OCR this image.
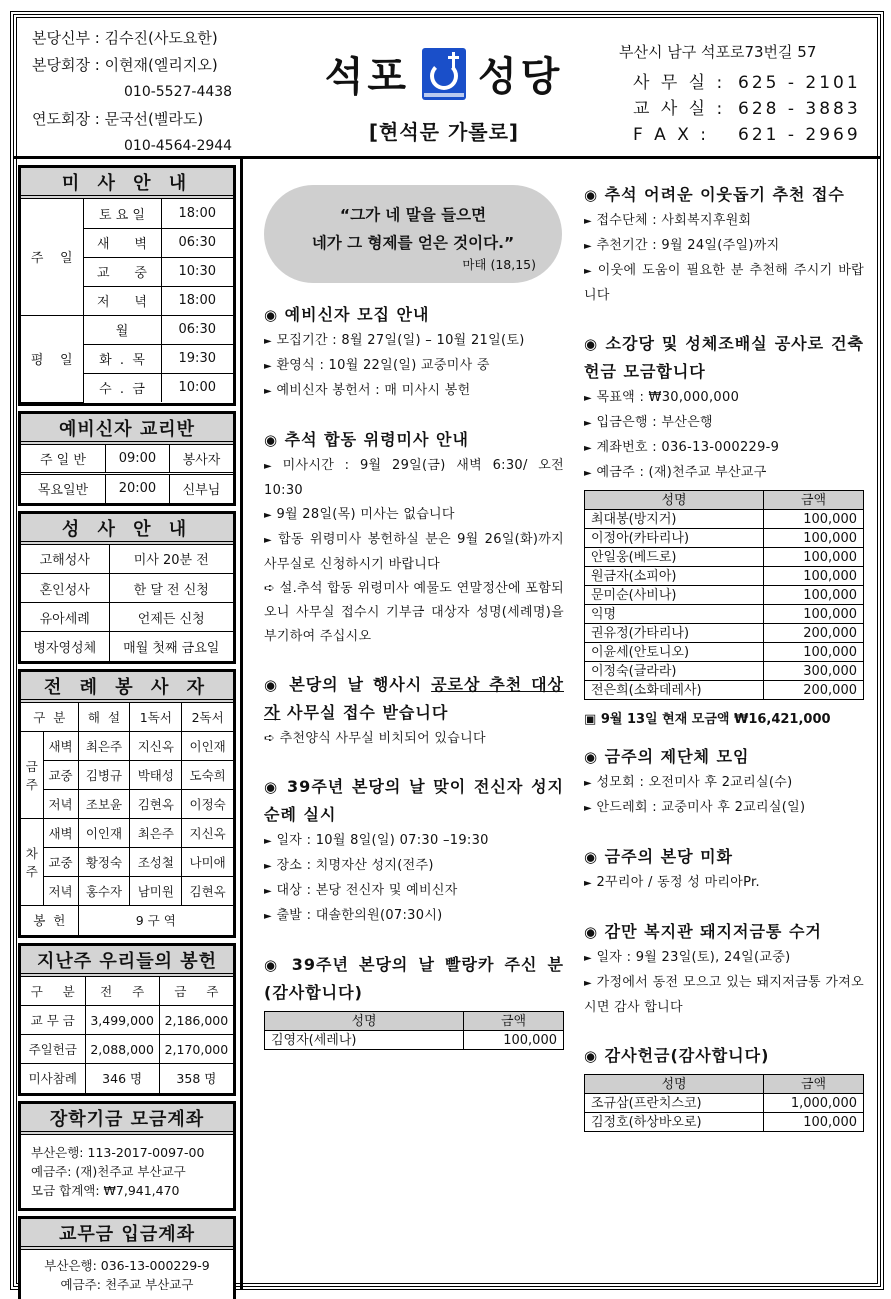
본당신부 : 김수진(사도요한)
본당회장 : 이현재(엘리지오)
010-5527-4438
연도회장 : 문국선(벨라도)
010-4564-2944
석포 성당
[현석문 가롤로]
부산시 남구 석포로73번길 57
사 무 실 : 625 - 2101
교 사 실 : 628 - 3883
F A X : 621 - 2969
미 사 안 내
주    일	토 요 일	18:00
	새      벽	06:30
	교      중	10:30
	저      녁	18:00
평    일	월	06:30
	화  .  목	19:30
	수  .  금	10:00
예비신자 교리반
주 일 반	09:00	봉사자
목요일반	20:00	신부님
성 사 안 내
고해성사	미사 20분 전
혼인성사	한 달 전 신청
유아세례	언제든 신청
병자영성체	매월 첫째 금요일
전 례 봉 사 자
구  분		해  설	1독서	2독서
금주	새벽	최은주	지신옥	이인재
	교중	김병규	박태성	도숙희
	저녁	조보윤	김현옥	이정숙
차주	새벽	이인재	최은주	지신옥
	교중	황정숙	조성철	나미애
	저녁	홍수자	남미원	김현옥
봉  헌		9 구 역		
지난주 우리들의 봉헌
구     분	전     주	금     주
교 무 금	3,499,000	2,186,000
주일헌금	2,088,000	2,170,000
미사참례	346 명	358 명
장학기금 모금계좌
부산은행: 113-2017-0097-00
예금주: (재)천주교 부산교구
모금 합계액: ₩7,941,470
교무금 입금계좌
부산은행: 036-13-000229-9
예금주: 천주교 부산교구
“그가 네 말을 들으면
네가 그 형제를 얻은 것이다.”
마태 (18,15)
◉ 예비신자 모집 안내

► 모집기간 : 8월 27일(일) – 10월 21일(토)

► 환영식 : 10월 22일(일) 교중미사 중

► 예비신자 봉헌서 : 매 미사시 봉헌

◉ 추석 합동 위령미사 안내

► 미사시간 : 9월 29일(금) 새벽 6:30/ 오전 10:30

► 9월 28일(목) 미사는 없습니다

► 합동 위령미사 봉헌하실 분은 9월 26일(화)까지 사무실로 신청하시기 바랍니다

➪ 설.추석 합동 위령미사 예물도 연말정산에 포함되오니 사무실 접수시 기부금 대상자 성명(세례명)을 부기하여 주십시오

◉ 본당의 날 행사시 공로상 추천 대상자 사무실 접수 받습니다

➪ 추천양식 사무실 비치되어 있습니다

◉ 39주년 본당의 날 맞이 전신자 성지순례 실시

► 일자 : 10월 8일(일) 07:30 –19:30

► 장소 : 치명자산 성지(전주)

► 대상 : 본당 전신자 및 예비신자

► 출발 : 대솔한의원(07:30시)

◉ 39주년 본당의 날 빨랑카 주신 분(감사합니다)
성명	금액
김영자(세레나)	100,000
◉ 추석 어려운 이웃돕기 추천 접수

► 접수단체 : 사회복지후원회

► 추천기간 : 9월 24일(주일)까지

► 이웃에 도움이 필요한 분 추천해 주시기 바랍니다

◉ 소강당 및 성체조배실 공사로 건축헌금 모금합니다

► 목표액 : ₩30,000,000

► 입금은행 : 부산은행

► 계좌번호 : 036-13-000229-9

► 예금주 : (재)천주교 부산교구

성명	금액
최대봉(방지거)	100,000
이정아(카타리나)	100,000
안일웅(베드로)	100,000
원금자(소피아)	100,000
문미순(사비나)	100,000
익명	100,000
권유정(가타리나)	200,000
이윤세(안토니오)	100,000
이정숙(글라라)	300,000
전은희(소화데레사)	200,000
▣ 9월 13일 현재 모금액 ₩16,421,000
◉ 금주의 제단체 모임

► 성모회 : 오전미사 후 2교리실(수)

► 안드레회 : 교중미사 후 2교리실(일)

◉ 금주의 본당 미화

► 2꾸리아 / 동정 성 마리아Pr.

◉ 감만 복지관 돼지저금통 수거

► 일자 : 9월 23일(토), 24일(교중)

► 가정에서 동전 모으고 있는 돼지저금통 가져오시면 감사 합니다

◉ 감사헌금(감사합니다)
성명	금액
조규삼(프란치스코)	1,000,000
김정호(하상바오로)	100,000
